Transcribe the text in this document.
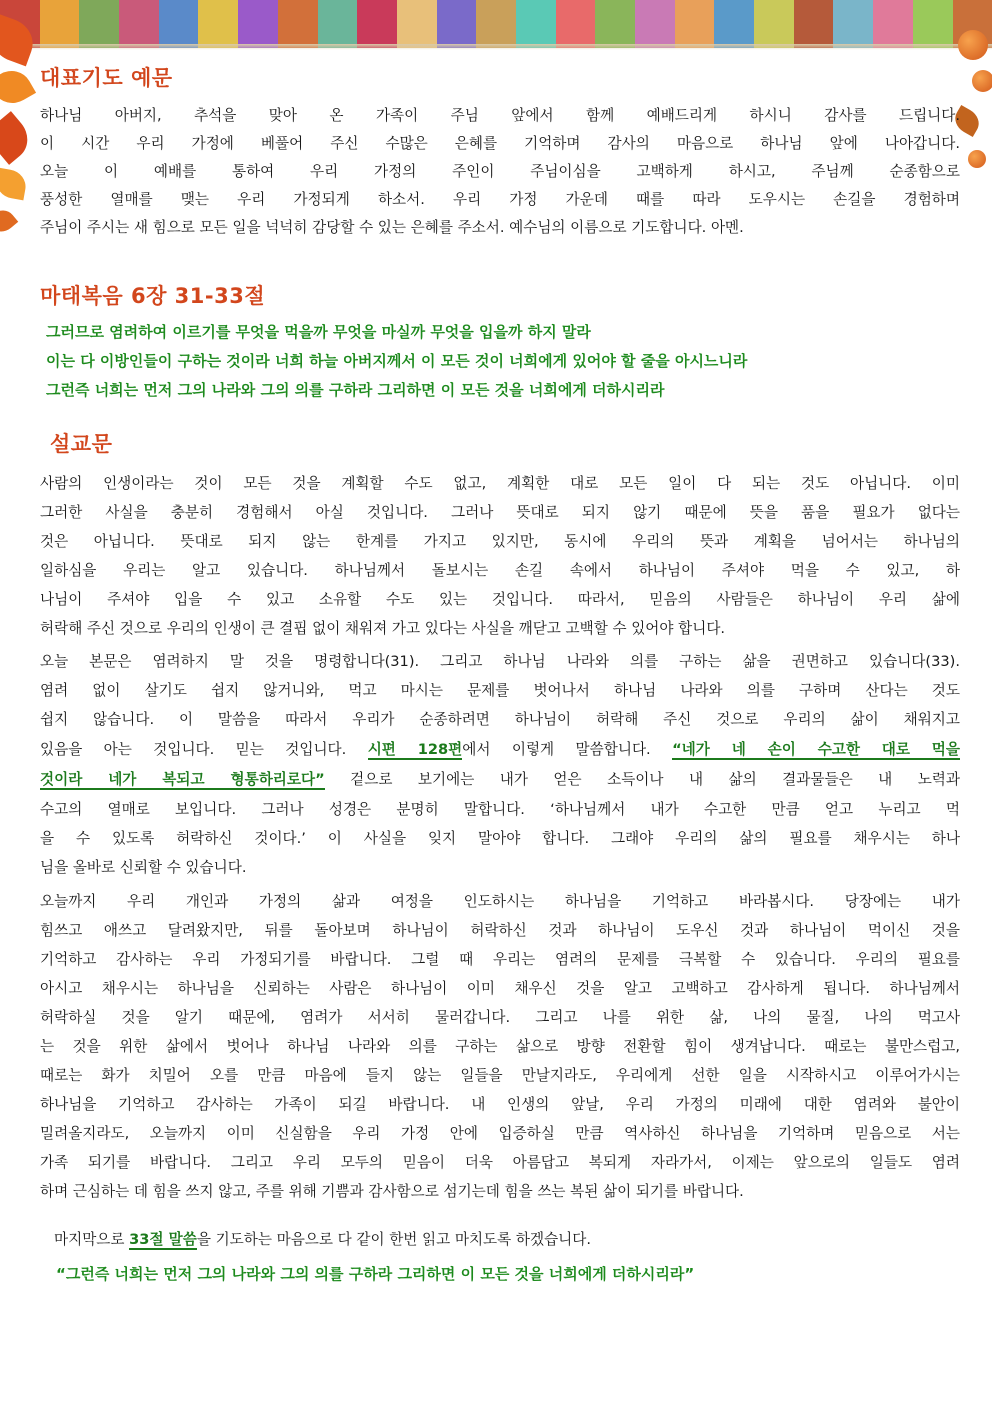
대표기도 예문

하나님 아버지, 추석을 맞아 온 가족이 주님 앞에서 함께 예배드리게 하시니 감사를 드립니다.

이 시간 우리 가정에 베풀어 주신 수많은 은혜를 기억하며 감사의 마음으로 하나님 앞에 나아갑니다.

오늘 이 예배를 통하여 우리 가정의 주인이 주님이심을 고백하게 하시고, 주님께 순종함으로

풍성한 열매를 맺는 우리 가정되게 하소서. 우리 가정 가운데 때를 따라 도우시는 손길을 경험하며

주님이 주시는 새 힘으로 모든 일을 넉넉히 감당할 수 있는 은혜를 주소서. 예수님의 이름으로 기도합니다. 아멘.

마태복음 6장 31-33절

그러므로 염려하여 이르기를 무엇을 먹을까 무엇을 마실까 무엇을 입을까 하지 말라

이는 다 이방인들이 구하는 것이라 너희 하늘 아버지께서 이 모든 것이 너희에게 있어야 할 줄을 아시느니라

그런즉 너희는 먼저 그의 나라와 그의 의를 구하라 그리하면 이 모든 것을 너희에게 더하시리라

설교문

사람의 인생이라는 것이 모든 것을 계획할 수도 없고, 계획한 대로 모든 일이 다 되는 것도 아닙니다. 이미

그러한 사실을 충분히 경험해서 아실 것입니다. 그러나 뜻대로 되지 않기 때문에 뜻을 품을 필요가 없다는

것은 아닙니다. 뜻대로 되지 않는 한계를 가지고 있지만, 동시에 우리의 뜻과 계획을 넘어서는 하나님의

일하심을 우리는 알고 있습니다. 하나님께서 돌보시는 손길 속에서 하나님이 주셔야 먹을 수 있고, 하

나님이 주셔야 입을 수 있고 소유할 수도 있는 것입니다. 따라서, 믿음의 사람들은 하나님이 우리 삶에

허락해 주신 것으로 우리의 인생이 큰 결핍 없이 채워져 가고 있다는 사실을 깨닫고 고백할 수 있어야 합니다.

오늘 본문은 염려하지 말 것을 명령합니다(31). 그리고 하나님 나라와 의를 구하는 삶을 권면하고 있습니다(33).

염려 없이 살기도 쉽지 않거니와, 먹고 마시는 문제를 벗어나서 하나님 나라와 의를 구하며 산다는 것도

쉽지 않습니다. 이 말씀을 따라서 우리가 순종하려면 하나님이 허락해 주신 것으로 우리의 삶이 채워지고

있음을 아는 것입니다. 믿는 것입니다. 시편 128편에서 이렇게 말씀합니다. “네가 네 손이 수고한 대로 먹을

것이라 네가 복되고 형통하리로다” 겉으로 보기에는 내가 얻은 소득이나 내 삶의 결과물들은 내 노력과

수고의 열매로 보입니다. 그러나 성경은 분명히 말합니다. ‘하나님께서 내가 수고한 만큼 얻고 누리고 먹

을 수 있도록 허락하신 것이다.’ 이 사실을 잊지 말아야 합니다. 그래야 우리의 삶의 필요를 채우시는 하나

님을 올바로 신뢰할 수 있습니다.

오늘까지 우리 개인과 가정의 삶과 여정을 인도하시는 하나님을 기억하고 바라봅시다. 당장에는 내가

힘쓰고 애쓰고 달려왔지만, 뒤를 돌아보며 하나님이 허락하신 것과 하나님이 도우신 것과 하나님이 먹이신 것을

기억하고 감사하는 우리 가정되기를 바랍니다. 그럴 때 우리는 염려의 문제를 극복할 수 있습니다. 우리의 필요를

아시고 채우시는 하나님을 신뢰하는 사람은 하나님이 이미 채우신 것을 알고 고백하고 감사하게 됩니다. 하나님께서

허락하실 것을 알기 때문에, 염려가 서서히 물러갑니다. 그리고 나를 위한 삶, 나의 물질, 나의 먹고사

는 것을 위한 삶에서 벗어나 하나님 나라와 의를 구하는 삶으로 방향 전환할 힘이 생겨납니다. 때로는 불만스럽고,

때로는 화가 치밀어 오를 만큼 마음에 들지 않는 일들을 만날지라도, 우리에게 선한 일을 시작하시고 이루어가시는

하나님을 기억하고 감사하는 가족이 되길 바랍니다. 내 인생의 앞날, 우리 가정의 미래에 대한 염려와 불안이

밀려올지라도, 오늘까지 이미 신실함을 우리 가정 안에 입증하실 만큼 역사하신 하나님을 기억하며 믿음으로 서는

가족 되기를 바랍니다. 그리고 우리 모두의 믿음이 더욱 아름답고 복되게 자라가서, 이제는 앞으로의 일들도 염려

하며 근심하는 데 힘을 쓰지 않고, 주를 위해 기쁨과 감사함으로 섬기는데 힘을 쓰는 복된 삶이 되기를 바랍니다.

마지막으로 33절 말씀을 기도하는 마음으로 다 같이 한번 읽고 마치도록 하겠습니다.

“그런즉 너희는 먼저 그의 나라와 그의 의를 구하라 그리하면 이 모든 것을 너희에게 더하시리라”
